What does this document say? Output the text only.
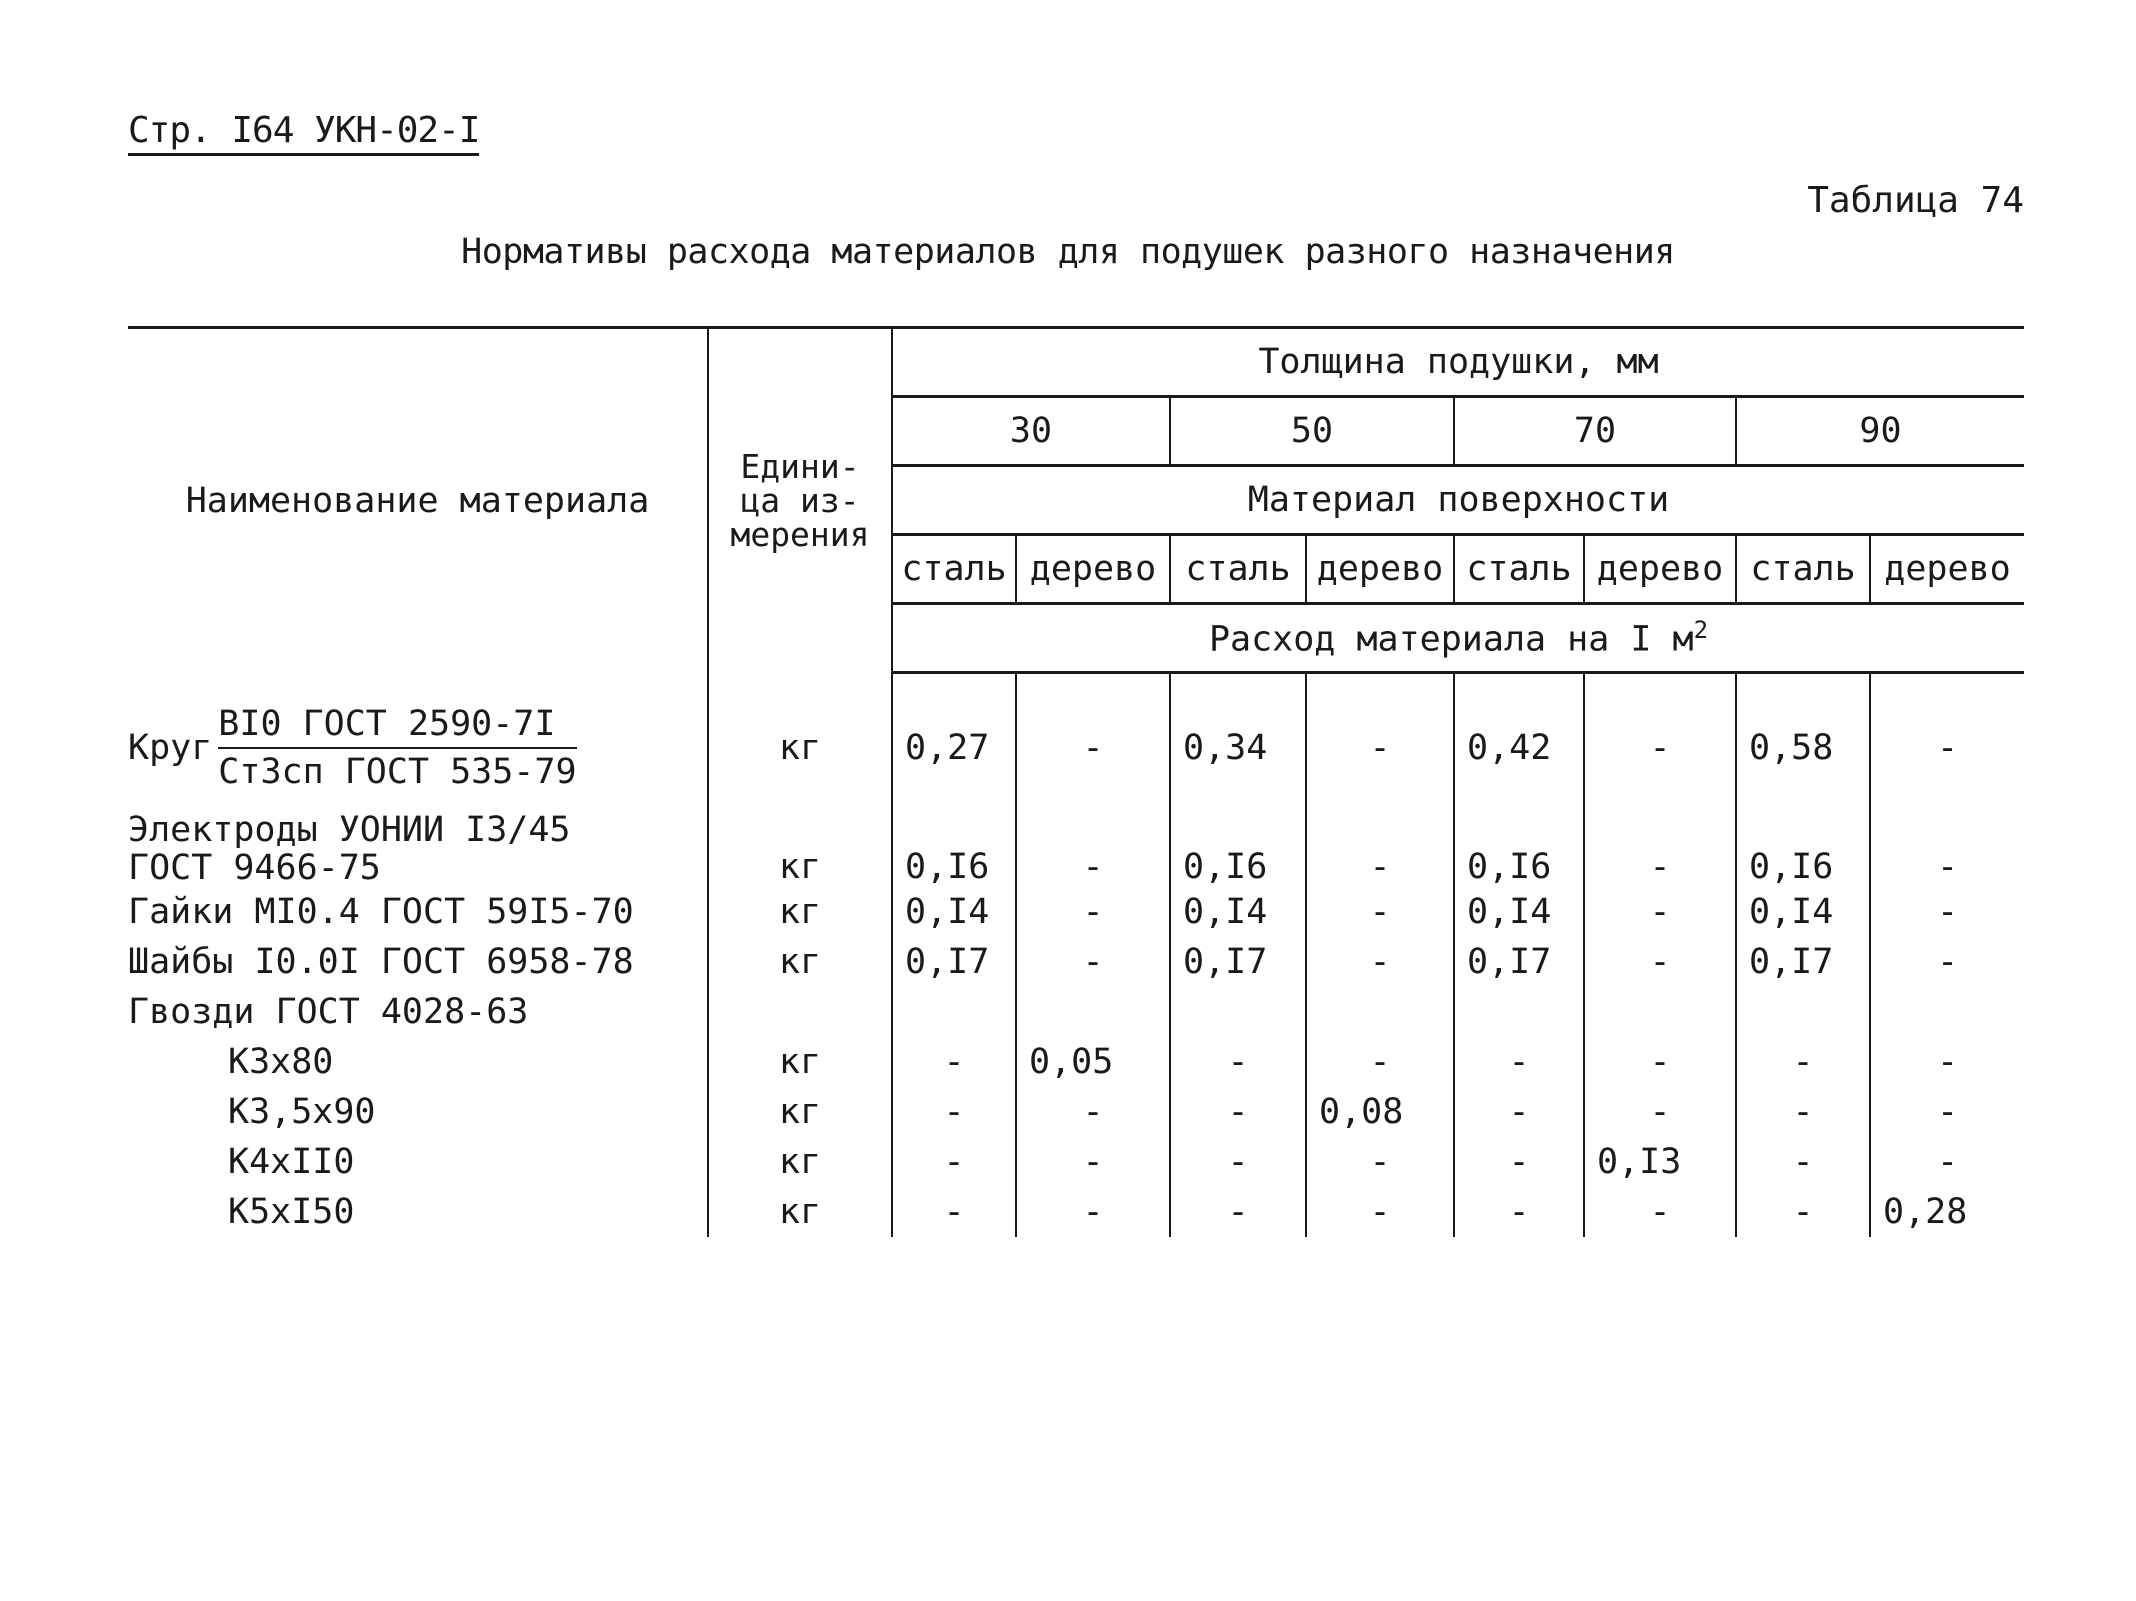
Стр. I64 УКН-02-I
Таблица 74
Нормативы расхода материалов для подушек разного назначения
Наименование материала	Едини-
ца из-
мерения	Толщина подушки, мм							
		30		50		70		90	
		Материал поверхности							
		сталь	дерево	сталь	дерево	сталь	дерево	сталь	дерево
		Расход материала на I $м^2$
Круг $\frac{\text{BI0 ГОСТ 2590-7I}}{\text{Ст3сп ГОСТ 535-79}}$	кг	0,27	-	0,34	-	0,42	-	0,58	-
Электроды УОНИИ I3/45
ГОСТ 9466-75	кг	0,I6	-	0,I6	-	0,I6	-	0,I6	-
Гайки MI0.4 ГОСТ 59I5-70	кг	0,I4	-	0,I4	-	0,I4	-	0,I4	-
Шайбы I0.0I ГОСТ 6958-78	кг	0,I7	-	0,I7	-	0,I7	-	0,I7	-
Гвозди ГОСТ 4028-63									
К3х80	кг	-	0,05	-	-	-	-	-	-
К3,5х90	кг	-	-	-	0,08	-	-	-	-
К4хII0	кг	-	-	-	-	-	0,I3	-	-
К5хI50	кг	-	-	-	-	-	-	-	0,28
